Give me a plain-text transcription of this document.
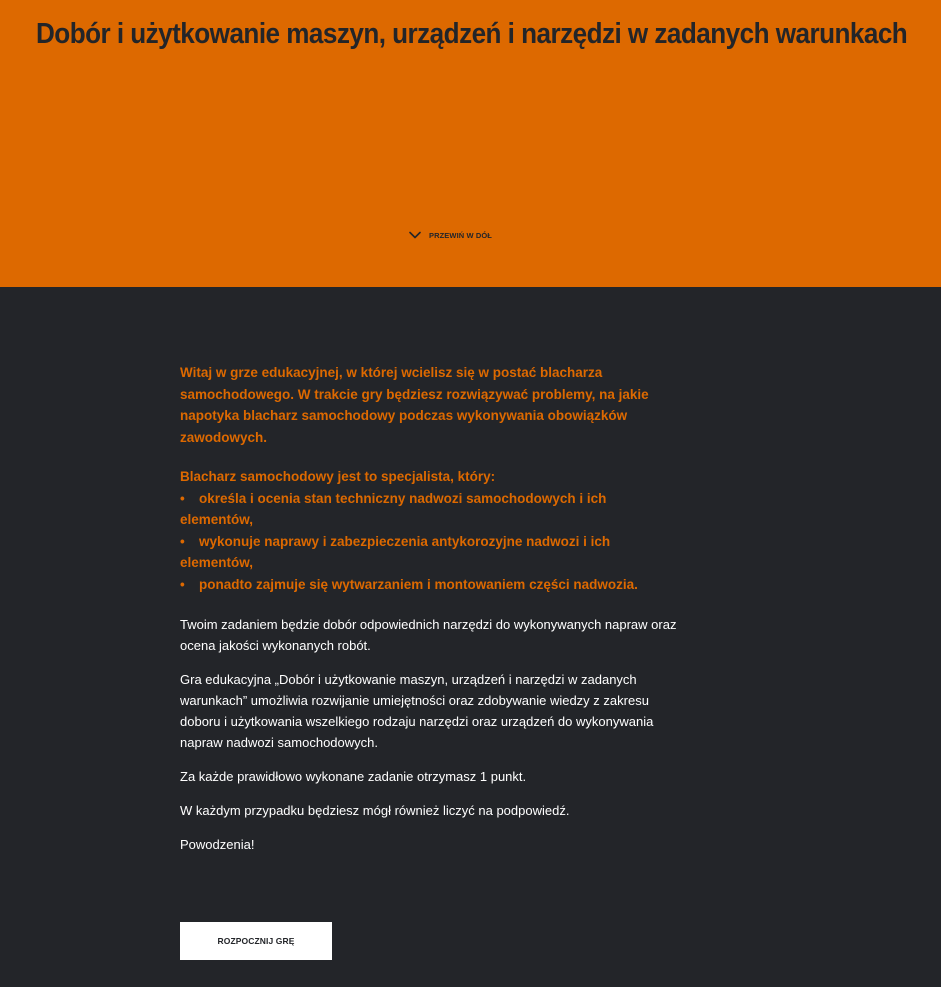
Dobór i użytkowanie maszyn, urządzeń i narzędzi w zadanych warunkach
PRZEWIŃ W DÓŁ

Witaj w grze edukacyjnej, w której wcielisz się w postać blacharza samochodowego. W trakcie gry będziesz rozwiązywać problemy, na jakie napotyka blacharz samochodowy podczas wykonywania obowiązków zawodowych.

Blacharz samochodowy jest to specjalista, który:

• określa i ocenia stan techniczny nadwozi samochodowych i ich elementów,
• wykonuje naprawy i zabezpieczenia antykorozyjne nadwozi i ich elementów,
• ponadto zajmuje się wytwarzaniem i montowaniem części nadwozia.

Twoim zadaniem będzie dobór odpowiednich narzędzi do wykonywanych napraw oraz ocena jakości wykonanych robót.

Gra edukacyjna „Dobór i użytkowanie maszyn, urządzeń i narzędzi w zadanych warunkach” umożliwia rozwijanie umiejętności oraz zdobywanie wiedzy z zakresu doboru i użytkowania wszelkiego rodzaju narzędzi oraz urządzeń do wykonywania napraw nadwozi samochodowych.

Za każde prawidłowo wykonane zadanie otrzymasz 1 punkt.

W każdym przypadku będziesz mógł również liczyć na podpowiedź.

Powodzenia!

ROZPOCZNIJ GRĘ
